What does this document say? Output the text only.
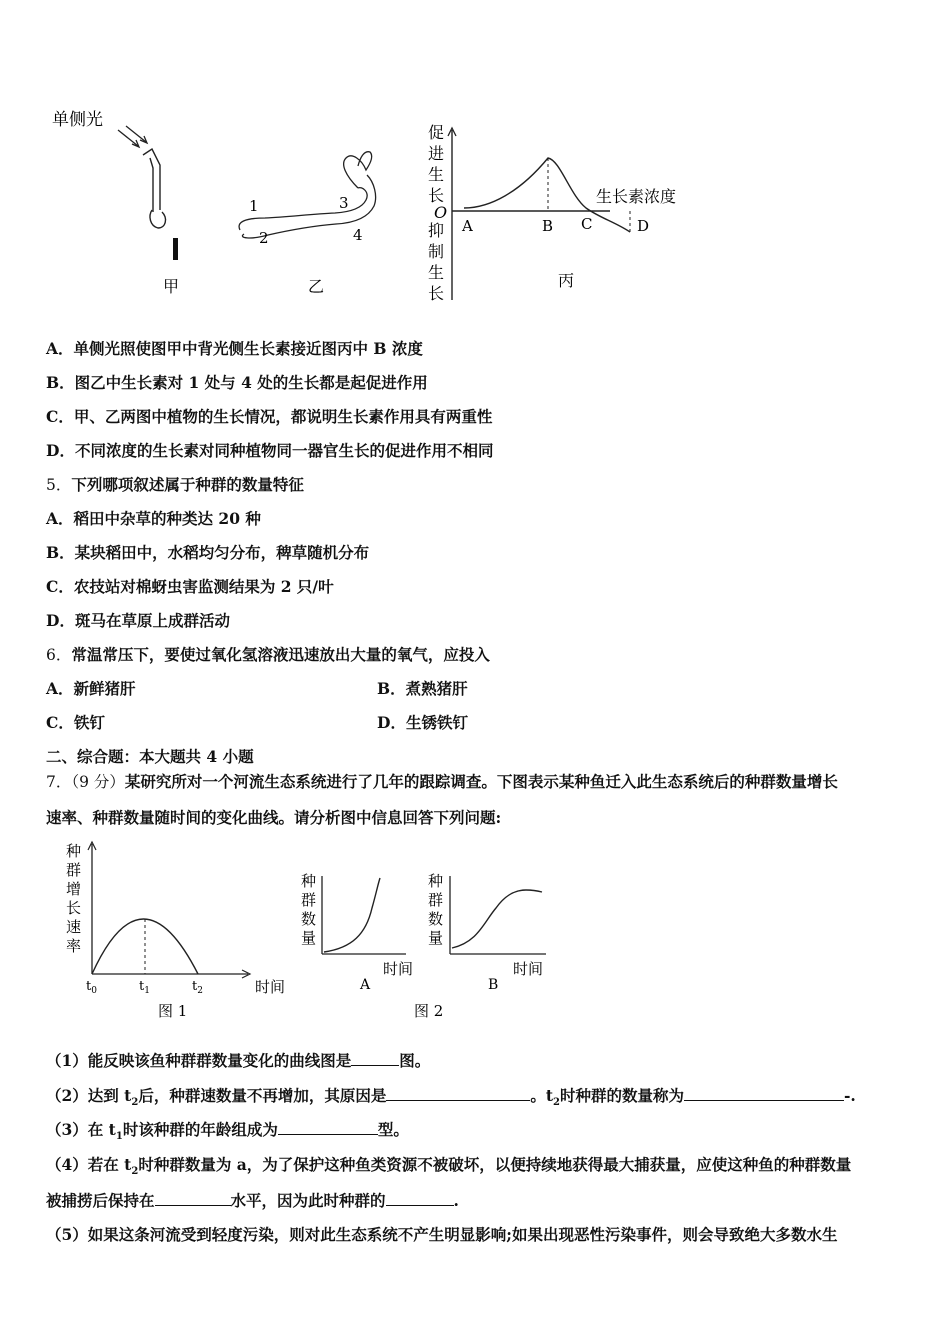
单侧光
甲
1
2
3
4
乙
促进生长
O
抑制生长
A	B C	D
生长素浓度
丙
A．单侧光照使图甲中背光侧生长素接近图丙中 B 浓度
B．图乙中生长素对 1 处与 4 处的生长都是起促进作用
C．甲、乙两图中植物的生长情况，都说明生长素作用具有两重性
D．不同浓度的生长素对同种植物同一器官生长的促进作用不相同
5．下列哪项叙述属于种群的数量特征
A．稻田中杂草的种类达 20 种
B．某块稻田中，水稻均匀分布，稗草随机分布
C．农技站对棉蚜虫害监测结果为 2 只/叶
D．斑马在草原上成群活动
6．常温常压下，要使过氧化氢溶液迅速放出大量的氧气，应投入
A．新鲜猪肝	B．煮熟猪肝
C．铁钉	D．生锈铁钉
二、综合题：本大题共 4 小题
7．（9 分）某研究所对一个河流生态系统进行了几年的跟踪调查。下图表示某种鱼迁入此生态系统后的种群数量增长
速率、种群数量随时间的变化曲线。请分析图中信息回答下列问题:
种群增长速率
$t_0$	$t_1$	$t_2$	时间
图 1
种群数量
时间
A
种群数量
时间
B
图 2
（1）能反映该鱼种群群数量变化的曲线图是	图。
（2）达到 $t_2$后，种群速数量不再增加，其原因是	。$t_2$时种群的数量称为	-.
（3）在 $t_1$时该种群的年龄组成为	型。
（4）若在 $t_2$时种群数量为 a，为了保护这种鱼类资源不被破坏，以便持续地获得最大捕获量，应使这种鱼的种群数量
被捕捞后保持在	水平，因为此时种群的	.
（5）如果这条河流受到轻度污染，则对此生态系统不产生明显影响;如果出现恶性污染事件，则会导致绝大多数水生
